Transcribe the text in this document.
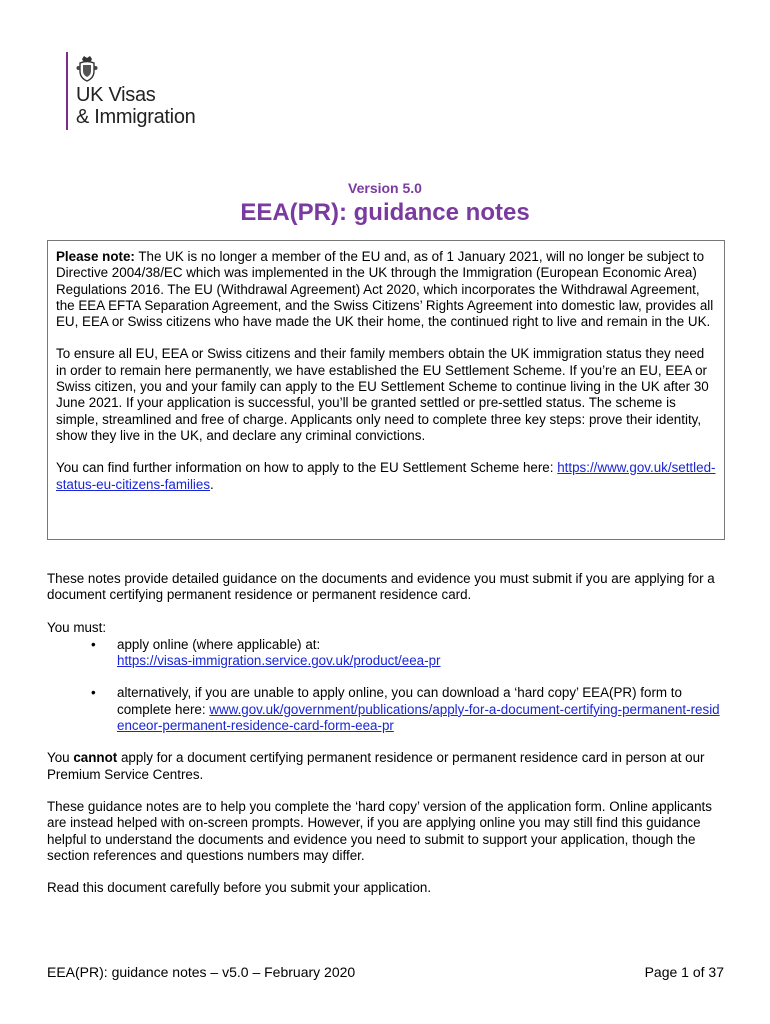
UK Visas
& Immigration
Version 5.0
EEA(PR): guidance notes

Please note: The UK is no longer a member of the EU and, as of 1 January 2021, will no longer be subject to Directive 2004/38/EC which was implemented in the UK through the Immigration (European Economic Area) Regulations 2016. The EU (Withdrawal Agreement) Act 2020, which incorporates the Withdrawal Agreement, the EEA EFTA Separation Agreement, and the Swiss Citizens’ Rights Agreement into domestic law, provides all EU, EEA or Swiss citizens who have made the UK their home, the continued right to live and remain in the UK.

To ensure all EU, EEA or Swiss citizens and their family members obtain the UK immigration status they need in order to remain here permanently, we have established the EU Settlement Scheme. If you’re an EU, EEA or Swiss citizen, you and your family can apply to the EU Settlement Scheme to continue living in the UK after 30 June 2021. If your application is successful, you’ll be granted settled or pre-settled status. The scheme is simple, streamlined and free of charge. Applicants only need to complete three key steps: prove their identity, show they live in the UK, and declare any criminal convictions.

You can find further information on how to apply to the EU Settlement Scheme here: https://www.gov.uk/settled-status-eu-citizens-families.

These notes provide detailed guidance on the documents and evidence you must submit if you are applying for a document certifying permanent residence or permanent residence card.

You must:

• apply online (where applicable) at:
https://visas-immigration.service.gov.uk/product/eea-pr
• alternatively, if you are unable to apply online, you can download a ‘hard copy’ EEA(PR) form to complete here: www.gov.uk/government/publications/apply-for-a-document-certifying-permanent-residenceor-permanent-residence-card-form-eea-pr

You cannot apply for a document certifying permanent residence or permanent residence card in person at our Premium Service Centres.

These guidance notes are to help you complete the ‘hard copy’ version of the application form. Online applicants are instead helped with on-screen prompts. However, if you are applying online you may still find this guidance helpful to understand the documents and evidence you need to submit to support your application, though the section references and questions numbers may differ.

Read this document carefully before you submit your application.

EEA(PR): guidance notes – v5.0 – February 2020	Page 1 of 37
